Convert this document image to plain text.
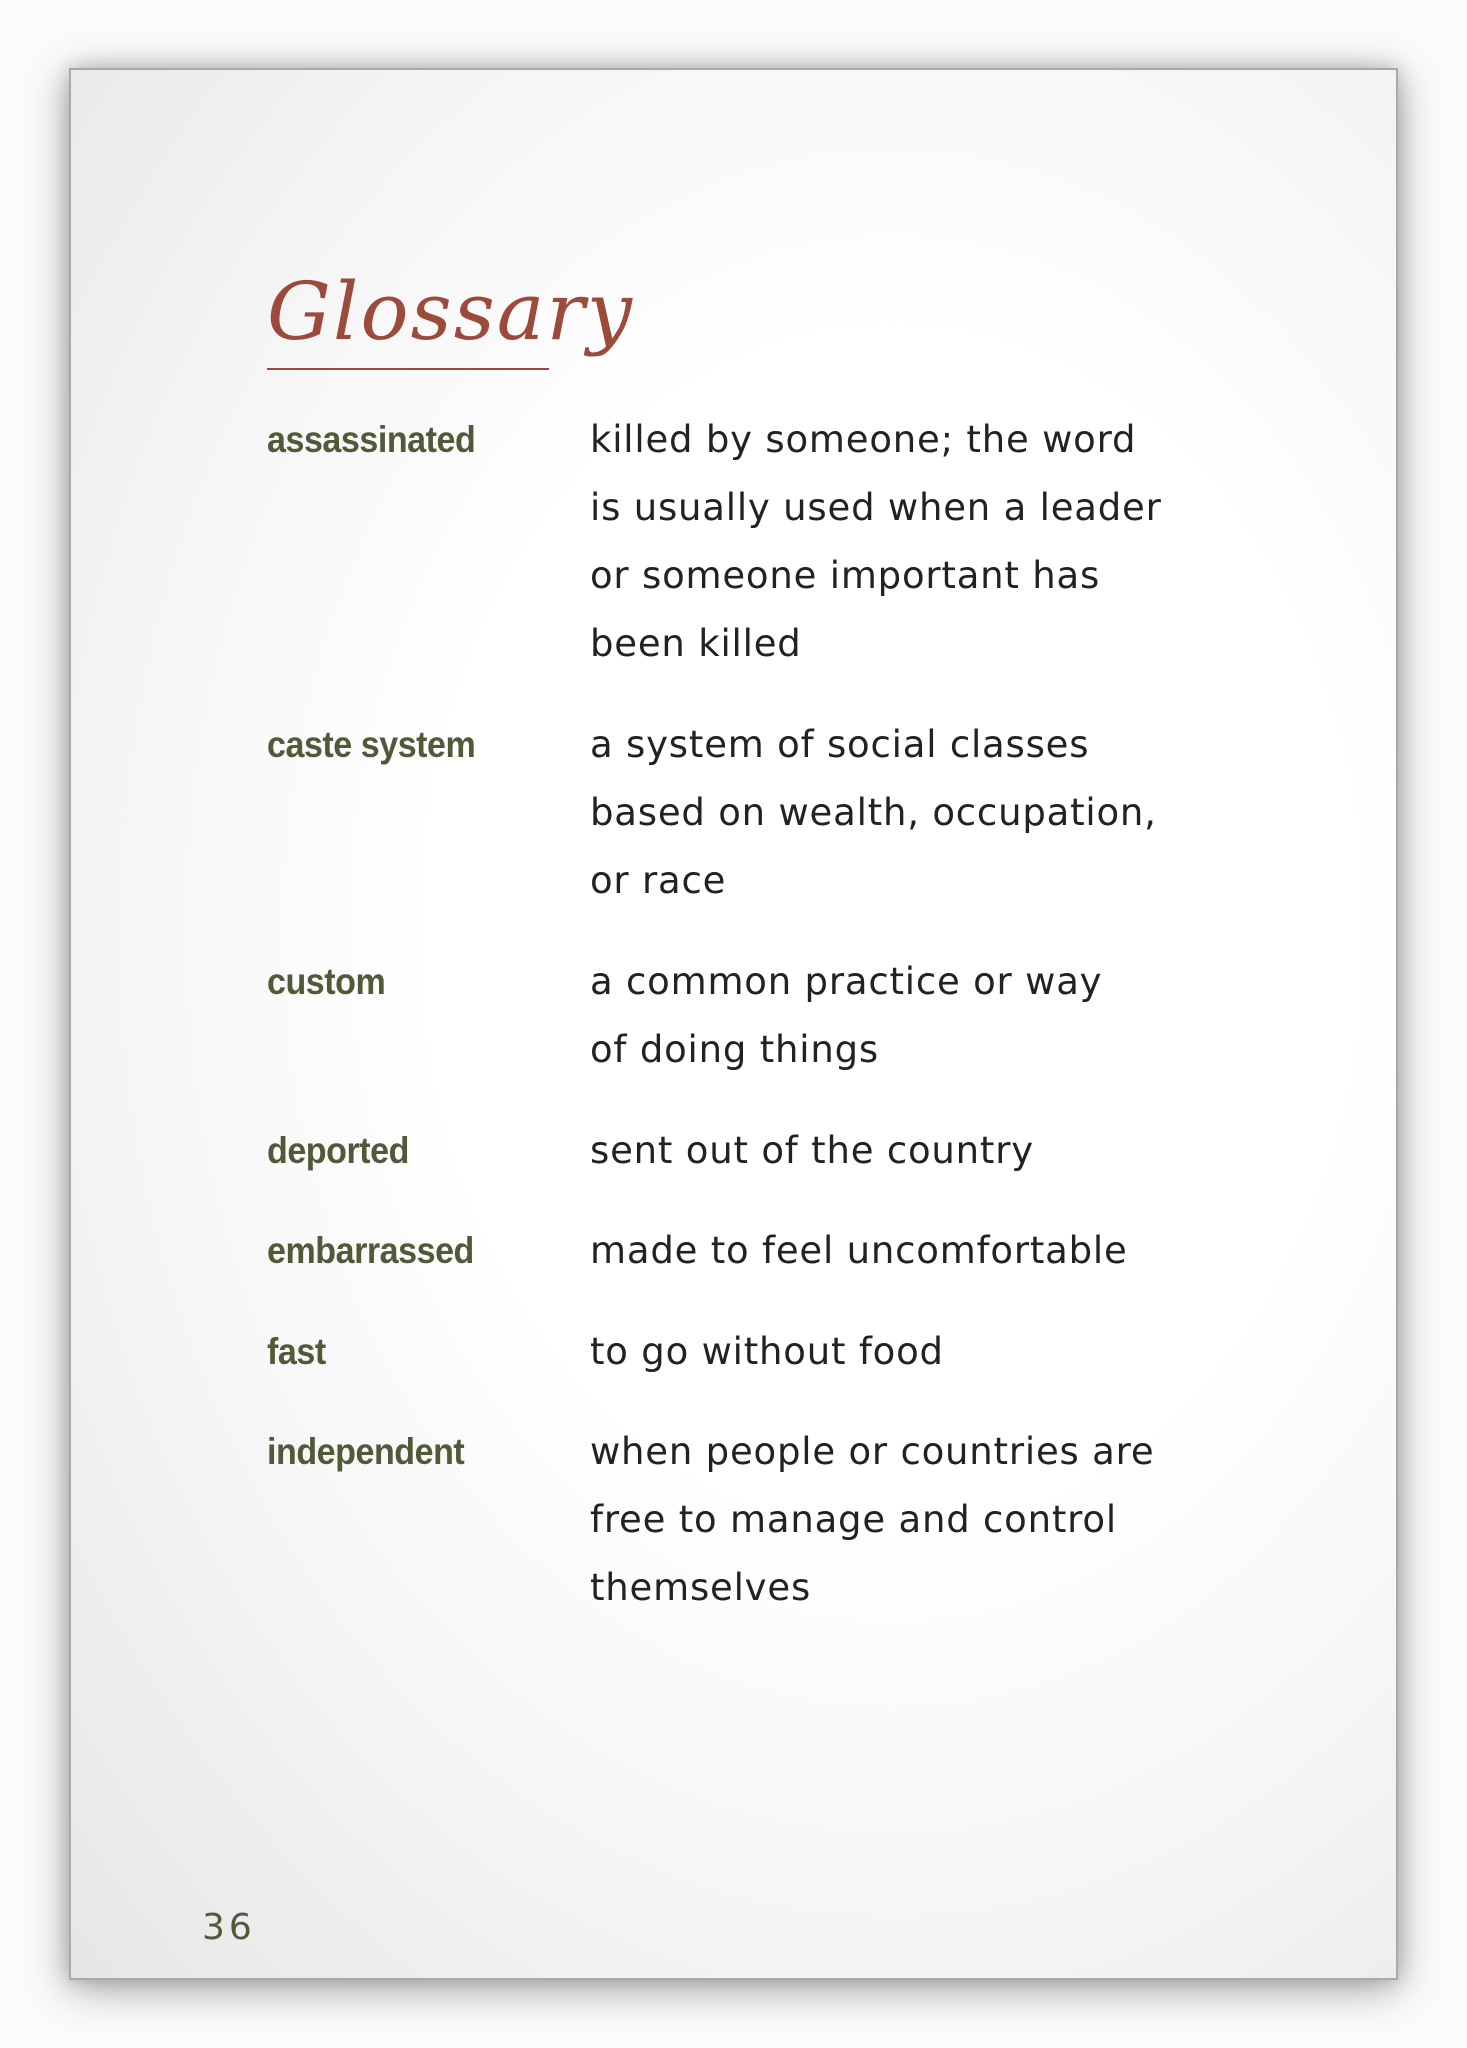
Glossary
assassinated	killed by someone; the word
is usually used when a leader
or someone important has
been killed
caste system	a system of social classes
based on wealth, occupation,
or race
custom	a common practice or way
of doing things
deported	sent out of the country
embarrassed	made to feel uncomfortable
fast	to go without food
independent	when people or countries are
free to manage and control
themselves
36
